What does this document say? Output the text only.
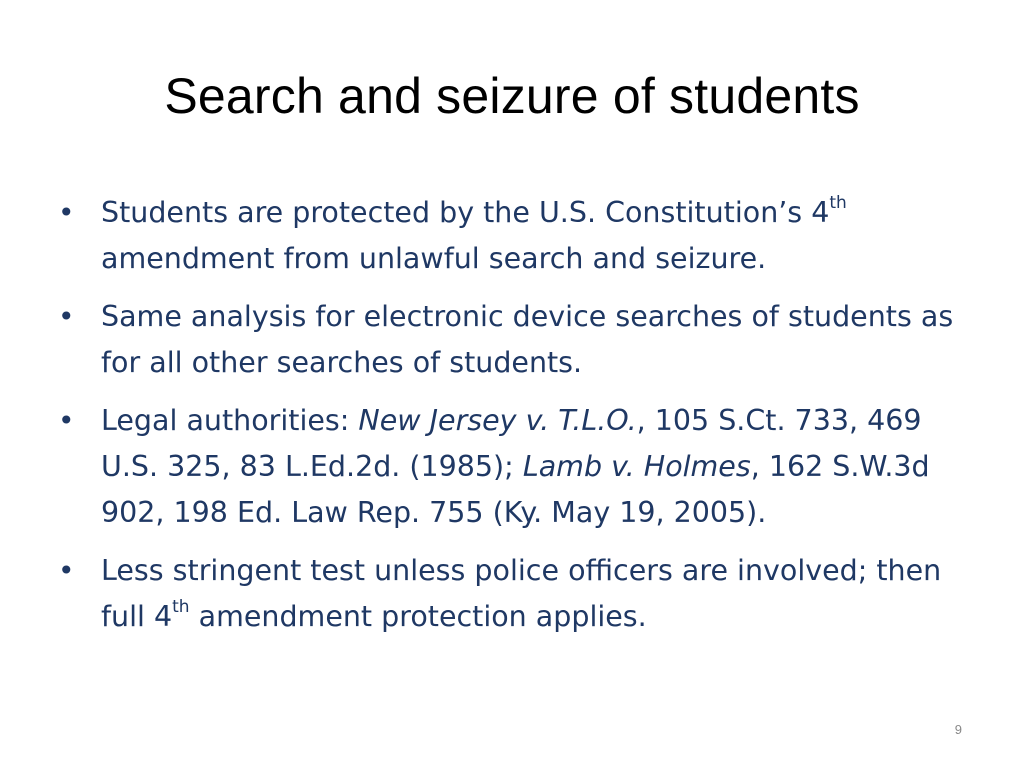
Search and seizure of students
• Students are protected by the U.S. Constitution’s 4th
amendment from unlawful search and seizure.
• Same analysis for electronic device searches of students as for all other searches of students.
• Legal authorities: New Jersey v. T.L.O., 105 S.Ct. 733, 469 U.S. 325, 83 L.Ed.2d. (1985); Lamb v. Holmes, 162 S.W.3d 902, 198 Ed. Law Rep. 755 (Ky. May 19, 2005).
• Less stringent test unless police officers are involved; then full 4th amendment protection applies.
9
